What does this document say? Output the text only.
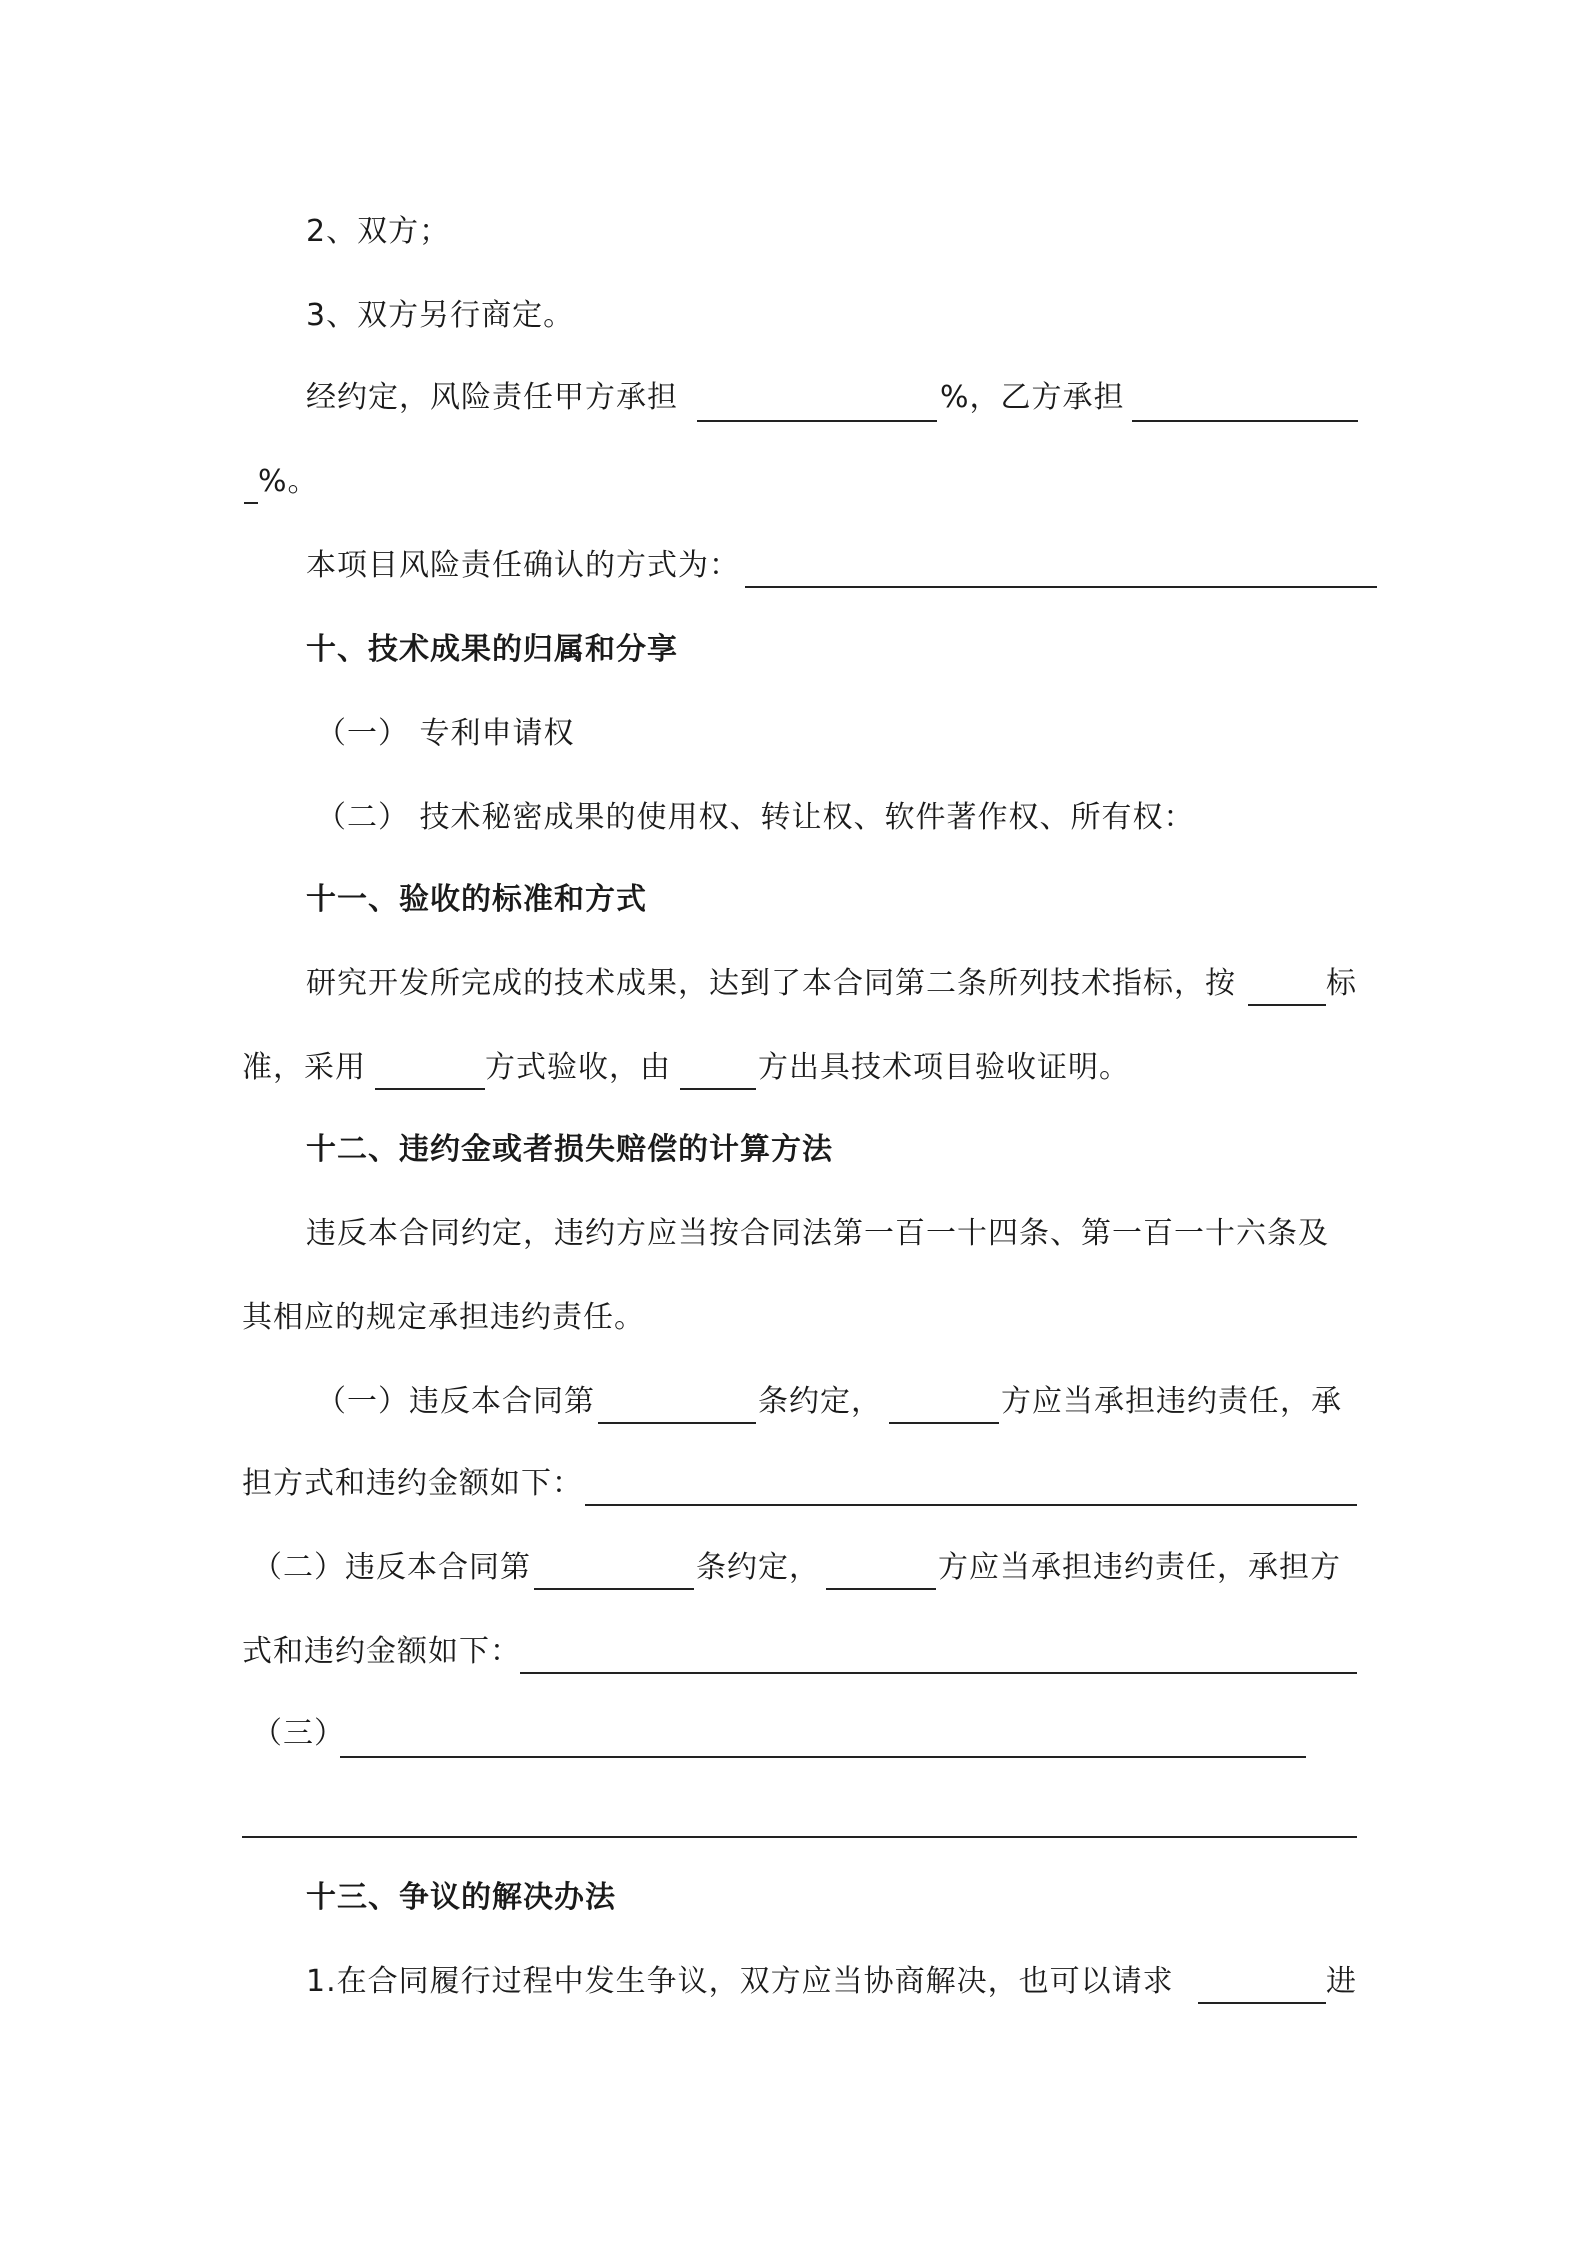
2、双方；
3、双方另行商定。
经约定，风险责任甲方承担	%，乙方承担
%。
本项目风险责任确认的方式为：
十、技术成果的归属和分享
（一） 专利申请权
（二） 技术秘密成果的使用权、转让权、软件著作权、所有权：
十一、验收的标准和方式
研究开发所完成的技术成果，达到了本合同第二条所列技术指标，按	标
准，采用	方式验收，由	方出具技术项目验收证明。
十二、违约金或者损失赔偿的计算方法
违反本合同约定，违约方应当按合同法第一百一十四条、第一百一十六条及
其相应的规定承担违约责任。
（一）违反本合同第	条约定，	方应当承担违约责任，承
担方式和违约金额如下：
（二）违反本合同第	条约定，	方应当承担违约责任，承担方
式和违约金额如下：
（三）
十三、争议的解决办法
1.在合同履行过程中发生争议，双方应当协商解决，也可以请求	进
